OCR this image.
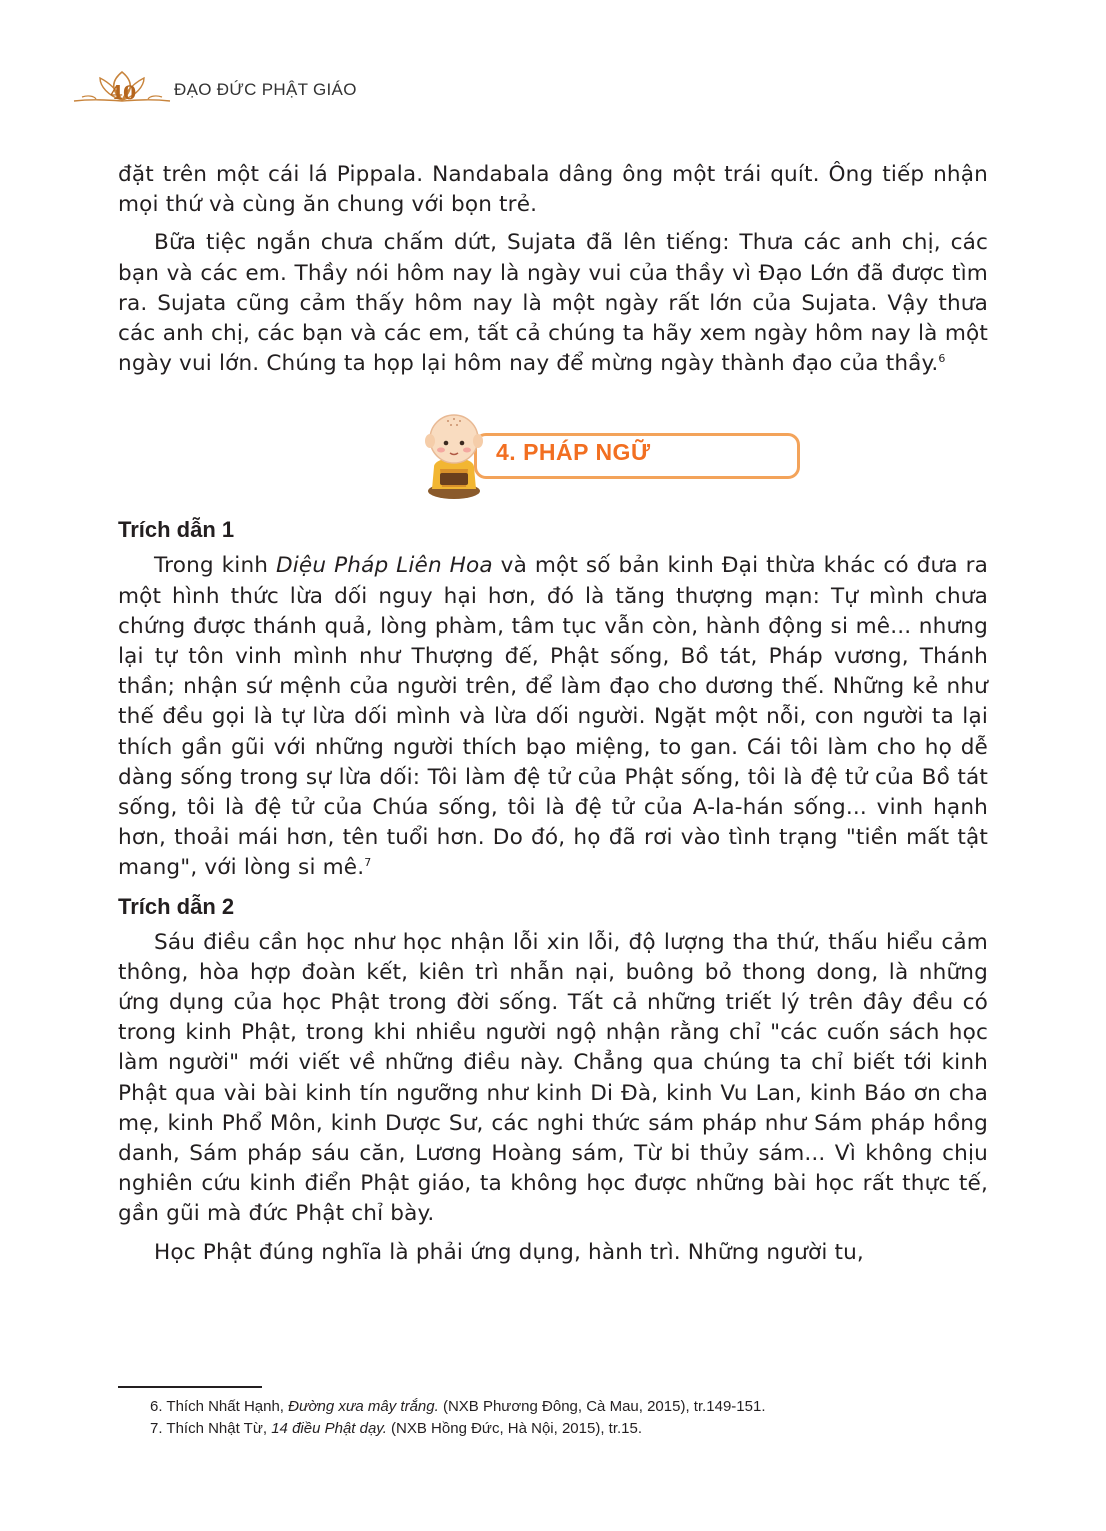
40 ĐẠO ĐỨC PHẬT GIÁO

đặt trên một cái lá Pippala. Nandabala dâng ông một trái quít. Ông tiếp nhận mọi thứ và cùng ăn chung với bọn trẻ.

Bữa tiệc ngắn chưa chấm dứt, Sujata đã lên tiếng: Thưa các anh chị, các bạn và các em. Thầy nói hôm nay là ngày vui của thầy vì Đạo Lớn đã được tìm ra. Sujata cũng cảm thấy hôm nay là một ngày rất lớn của Sujata. Vậy thưa các anh chị, các bạn và các em, tất cả chúng ta hãy xem ngày hôm nay là một ngày vui lớn. Chúng ta họp lại hôm nay để mừng ngày thành đạo của thầy.$^6$

4. PHÁP NGỮ
Trích dẫn 1

Trong kinh Diệu Pháp Liên Hoa và một số bản kinh Đại thừa khác có đưa ra một hình thức lừa dối nguy hại hơn, đó là tăng thượng mạn: Tự mình chưa chứng được thánh quả, lòng phàm, tâm tục vẫn còn, hành động si mê... nhưng lại tự tôn vinh mình như Thượng đế, Phật sống, Bồ tát, Pháp vương, Thánh thần; nhận sứ mệnh của người trên, để làm đạo cho dương thế. Những kẻ như thế đều gọi là tự lừa dối mình và lừa dối người. Ngặt một nỗi, con người ta lại thích gần gũi với những người thích bạo miệng, to gan. Cái tôi làm cho họ dễ dàng sống trong sự lừa dối: Tôi làm đệ tử của Phật sống, tôi là đệ tử của Bồ tát sống, tôi là đệ tử của Chúa sống, tôi là đệ tử của A-la-hán sống... vinh hạnh hơn, thoải mái hơn, tên tuổi hơn. Do đó, họ đã rơi vào tình trạng "tiền mất tật mang", với lòng si mê.$^7$

Trích dẫn 2

Sáu điều cần học như học nhận lỗi xin lỗi, độ lượng tha thứ, thấu hiểu cảm thông, hòa hợp đoàn kết, kiên trì nhẫn nại, buông bỏ thong dong, là những ứng dụng của học Phật trong đời sống. Tất cả những triết lý trên đây đều có trong kinh Phật, trong khi nhiều người ngộ nhận rằng chỉ "các cuốn sách học làm người" mới viết về những điều này. Chẳng qua chúng ta chỉ biết tới kinh Phật qua vài bài kinh tín ngưỡng như kinh Di Đà, kinh Vu Lan, kinh Báo ơn cha mẹ, kinh Phổ Môn, kinh Dược Sư, các nghi thức sám pháp như Sám pháp hồng danh, Sám pháp sáu căn, Lương Hoàng sám, Từ bi thủy sám... Vì không chịu nghiên cứu kinh điển Phật giáo, ta không học được những bài học rất thực tế, gần gũi mà đức Phật chỉ bày.

Học Phật đúng nghĩa là phải ứng dụng, hành trì. Những người tu,

6. Thích Nhất Hạnh, Đường xưa mây trắng. (NXB Phương Đông, Cà Mau, 2015), tr.149-151.
7. Thích Nhật Từ, 14 điều Phật dạy. (NXB Hồng Đức, Hà Nội, 2015), tr.15.
